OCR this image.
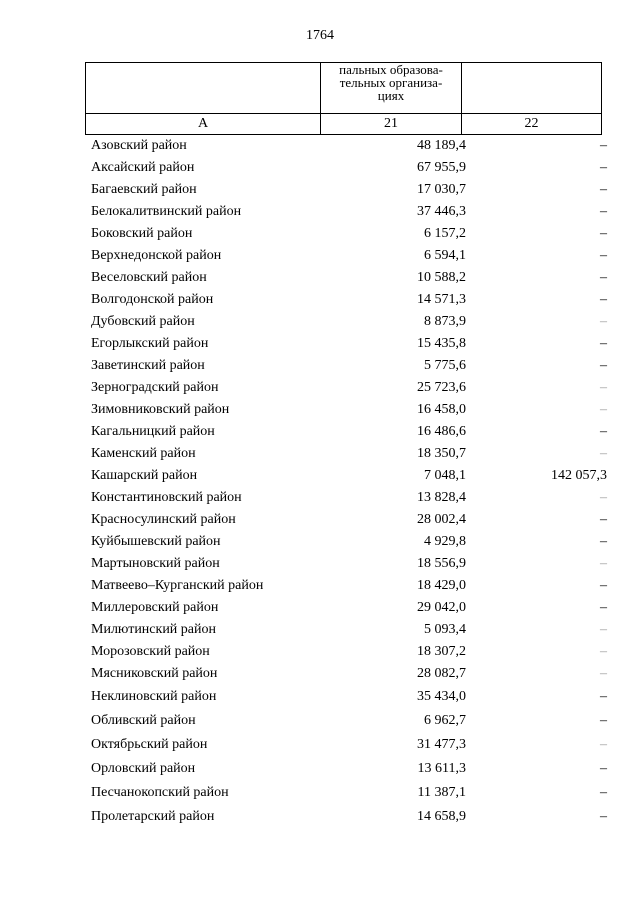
1764

	пальных образова-
тельных организа-
циях	

А	21	22
Азовский район	48 189,4	–
Аксайский район	67 955,9	–
Багаевский район	17 030,7	–
Белокалитвинский район	37 446,3	–
Боковский район	6 157,2	–
Верхнедонской район	6 594,1	–
Веселовский район	10 588,2	–
Волгодонской район	14 571,3	–
Дубовский район	8 873,9	–
Егорлыкский район	15 435,8	–
Заветинский район	5 775,6	–
Зерноградский район	25 723,6	–
Зимовниковский район	16 458,0	–
Кагальницкий район	16 486,6	–
Каменский район	18 350,7	–
Кашарский район	7 048,1	142 057,3
Константиновский район	13 828,4	–
Красносулинский район	28 002,4	–
Куйбышевский район	4 929,8	–
Мартыновский район	18 556,9	–
Матвеево–Курганский район	18 429,0	–
Миллеровский район	29 042,0	–
Милютинский район	5 093,4	–
Морозовский район	18 307,2	–
Мясниковский район	28 082,7	–
Неклиновский район	35 434,0	–
Обливский район	6 962,7	–
Октябрьский район	31 477,3	–
Орловский район	13 611,3	–
Песчанокопский район	11 387,1	–
Пролетарский район	14 658,9	–
